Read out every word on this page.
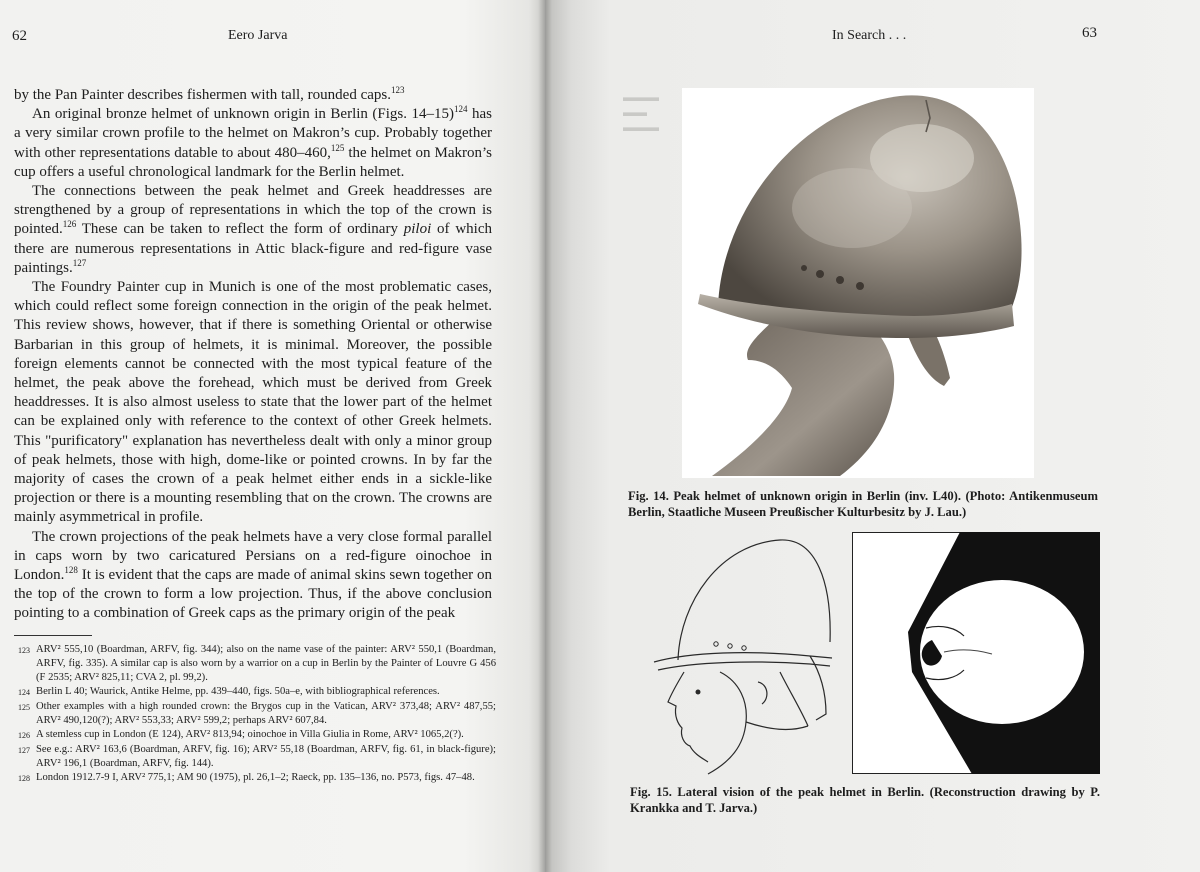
62	Eero Jarva

by the Pan Painter describes fishermen with tall, rounded caps.$^{123}$

An original bronze helmet of unknown origin in Berlin (Figs. 14–15)$^{124}$ has a very similar crown profile to the helmet on Makron’s cup. Probably together with other representations datable to about 480–460,$^{125}$ the helmet on Makron’s cup offers a useful chronological landmark for the Berlin helmet.

The connections between the peak helmet and Greek headdresses are strengthened by a group of representations in which the top of the crown is pointed.$^{126}$ These can be taken to reflect the form of ordinary piloi of which there are numerous representations in Attic black-figure and red-figure vase paintings.$^{127}$

The Foundry Painter cup in Munich is one of the most problematic cases, which could reflect some foreign connection in the origin of the peak helmet. This review shows, however, that if there is something Oriental or otherwise Barbarian in this group of helmets, it is minimal. Moreover, the possible foreign elements cannot be connected with the most typical feature of the helmet, the peak above the forehead, which must be derived from Greek headdresses. It is also almost useless to state that the lower part of the helmet can be explained only with reference to the context of other Greek helmets. This "purificatory" explanation has nevertheless dealt with only a minor group of peak helmets, those with high, dome-like or pointed crowns. In by far the majority of cases the crown of a peak helmet either ends in a sickle-like projection or there is a mounting resembling that on the crown. The crowns are mainly asymmetrical in profile.

The crown projections of the peak helmets have a very close formal parallel in caps worn by two caricatured Persians on a red-figure oinochoe in London.$^{128}$ It is evident that the caps are made of animal skins sewn together on the top of the crown to form a low projection. Thus, if the above conclusion pointing to a combination of Greek caps as the primary origin of the peak

123 ARV² 555,10 (Boardman, ARFV, fig. 344); also on the name vase of the painter: ARV² 550,1 (Boardman, ARFV, fig. 335). A similar cap is also worn by a warrior on a cup in Berlin by the Painter of Louvre G 456 (F 2535; ARV² 825,11; CVA 2, pl. 99,2).
124 Berlin L 40; Waurick, Antike Helme, pp. 439–440, figs. 50a–e, with bibliographical references.
125 Other examples with a high rounded crown: the Brygos cup in the Vatican, ARV² 373,48; ARV² 487,55; ARV² 490,120(?); ARV² 553,33; ARV² 599,2; perhaps ARV² 607,84.
126 A stemless cup in London (E 124), ARV² 813,94; oinochoe in Villa Giulia in Rome, ARV² 1065,2(?).
127 See e.g.: ARV² 163,6 (Boardman, ARFV, fig. 16); ARV² 55,18 (Boardman, ARFV, fig. 61, in black-figure); ARV² 196,1 (Boardman, ARFV, fig. 144).
128 London 1912.7-9 I, ARV² 775,1; AM 90 (1975), pl. 26,1–2; Raeck, pp. 135–136, no. P573, figs. 47–48.
▬▬▬
▬▬
▬▬▬
In Search . . .	63
Fig. 14. Peak helmet of unknown origin in Berlin (inv. L40). (Photo: Antikenmuseum Berlin, Staatliche Museen Preußischer Kulturbesitz by J. Lau.)
Fig. 15. Lateral vision of the peak helmet in Berlin. (Reconstruction drawing by P. Krankka and T. Jarva.)
